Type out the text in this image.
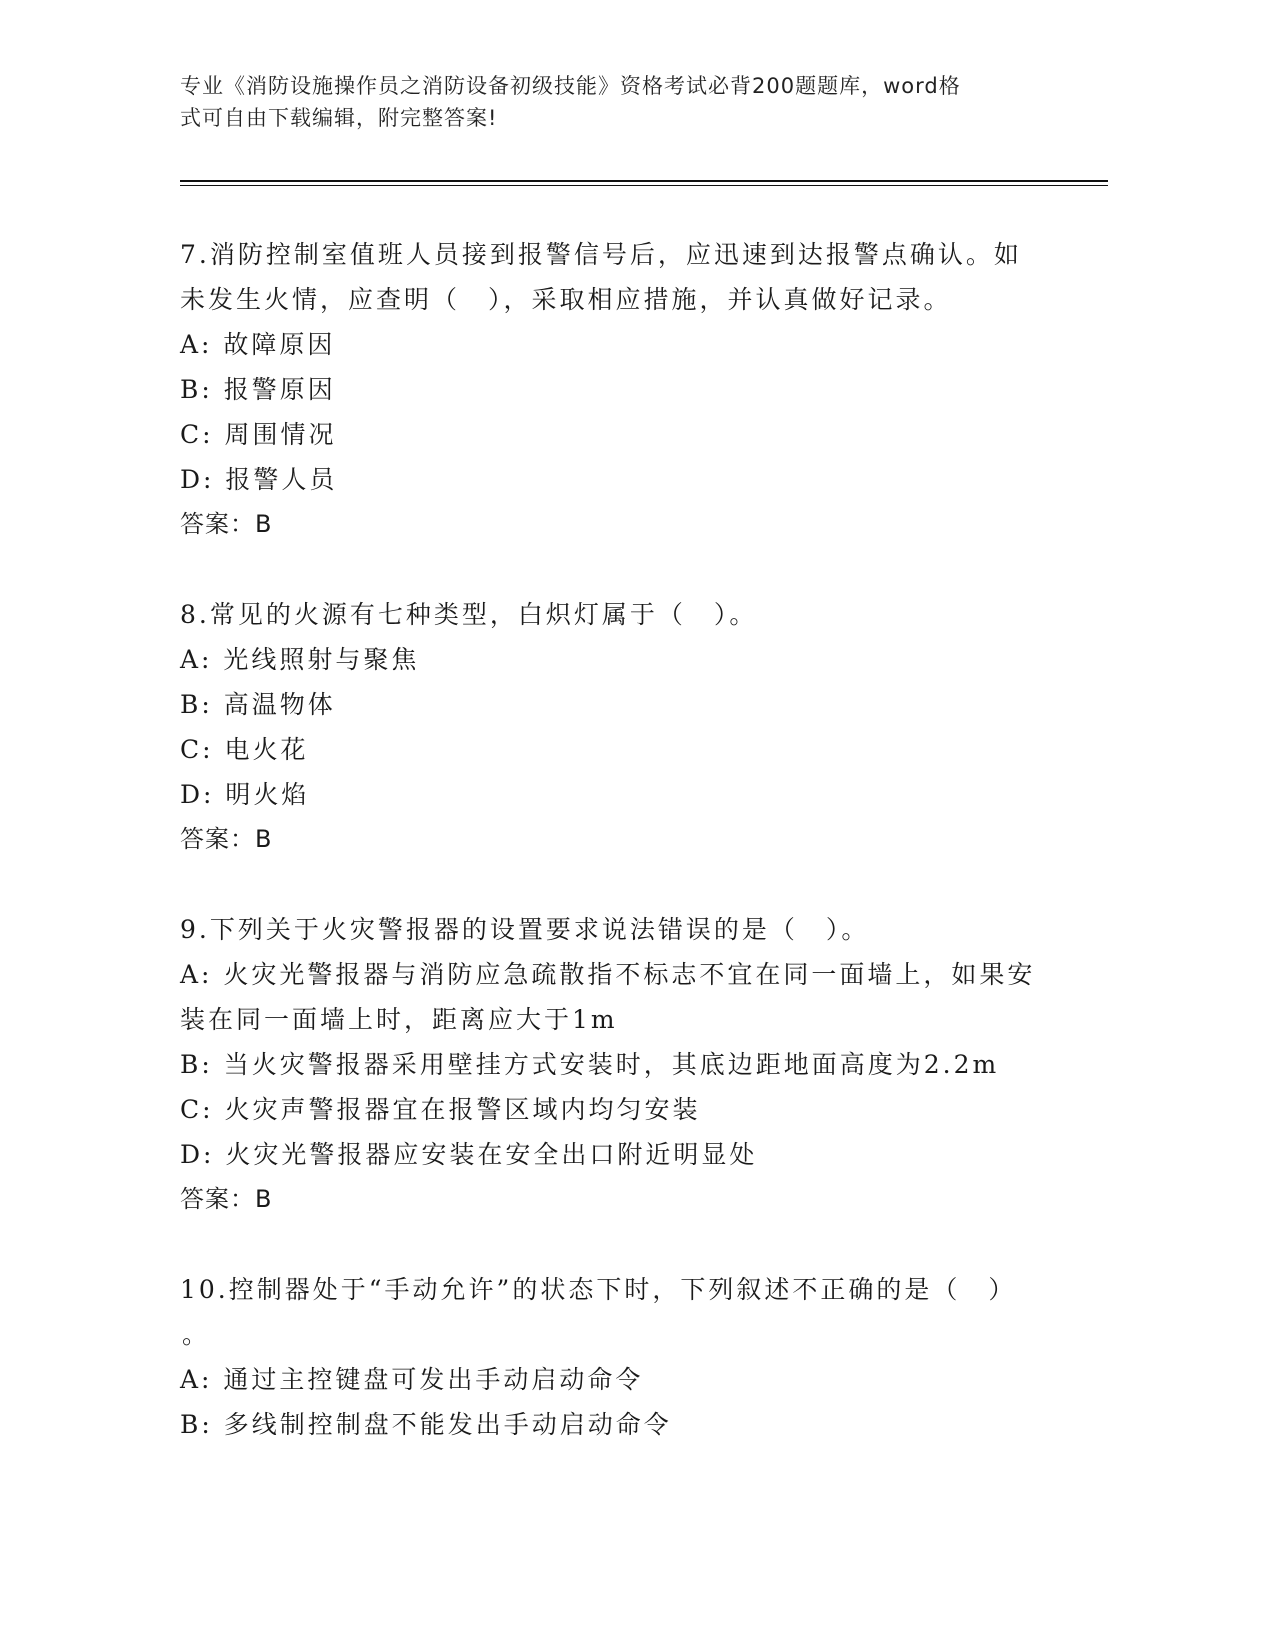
专业《消防设施操作员之消防设备初级技能》资格考试必背200题题库，word格
式可自由下载编辑，附完整答案!
7.消防控制室值班人员接到报警信号后，应迅速到达报警点确认。如
未发生火情，应查明（　），采取相应措施，并认真做好记录。
A: 故障原因
B: 报警原因
C: 周围情况
D: 报警人员
答案：B
8.常见的火源有七种类型，白炽灯属于（　）。
A: 光线照射与聚焦
B: 高温物体
C: 电火花
D: 明火焰
答案：B
9.下列关于火灾警报器的设置要求说法错误的是（　）。
A: 火灾光警报器与消防应急疏散指不标志不宜在同一面墙上，如果安
装在同一面墙上时，距离应大于1m
B: 当火灾警报器采用壁挂方式安装时，其底边距地面高度为2.2m
C: 火灾声警报器宜在报警区域内均匀安装
D: 火灾光警报器应安装在安全出口附近明显处
答案：B
10.控制器处于“手动允许”的状态下时，下列叙述不正确的是（　）
。
A: 通过主控键盘可发出手动启动命令
B: 多线制控制盘不能发出手动启动命令
